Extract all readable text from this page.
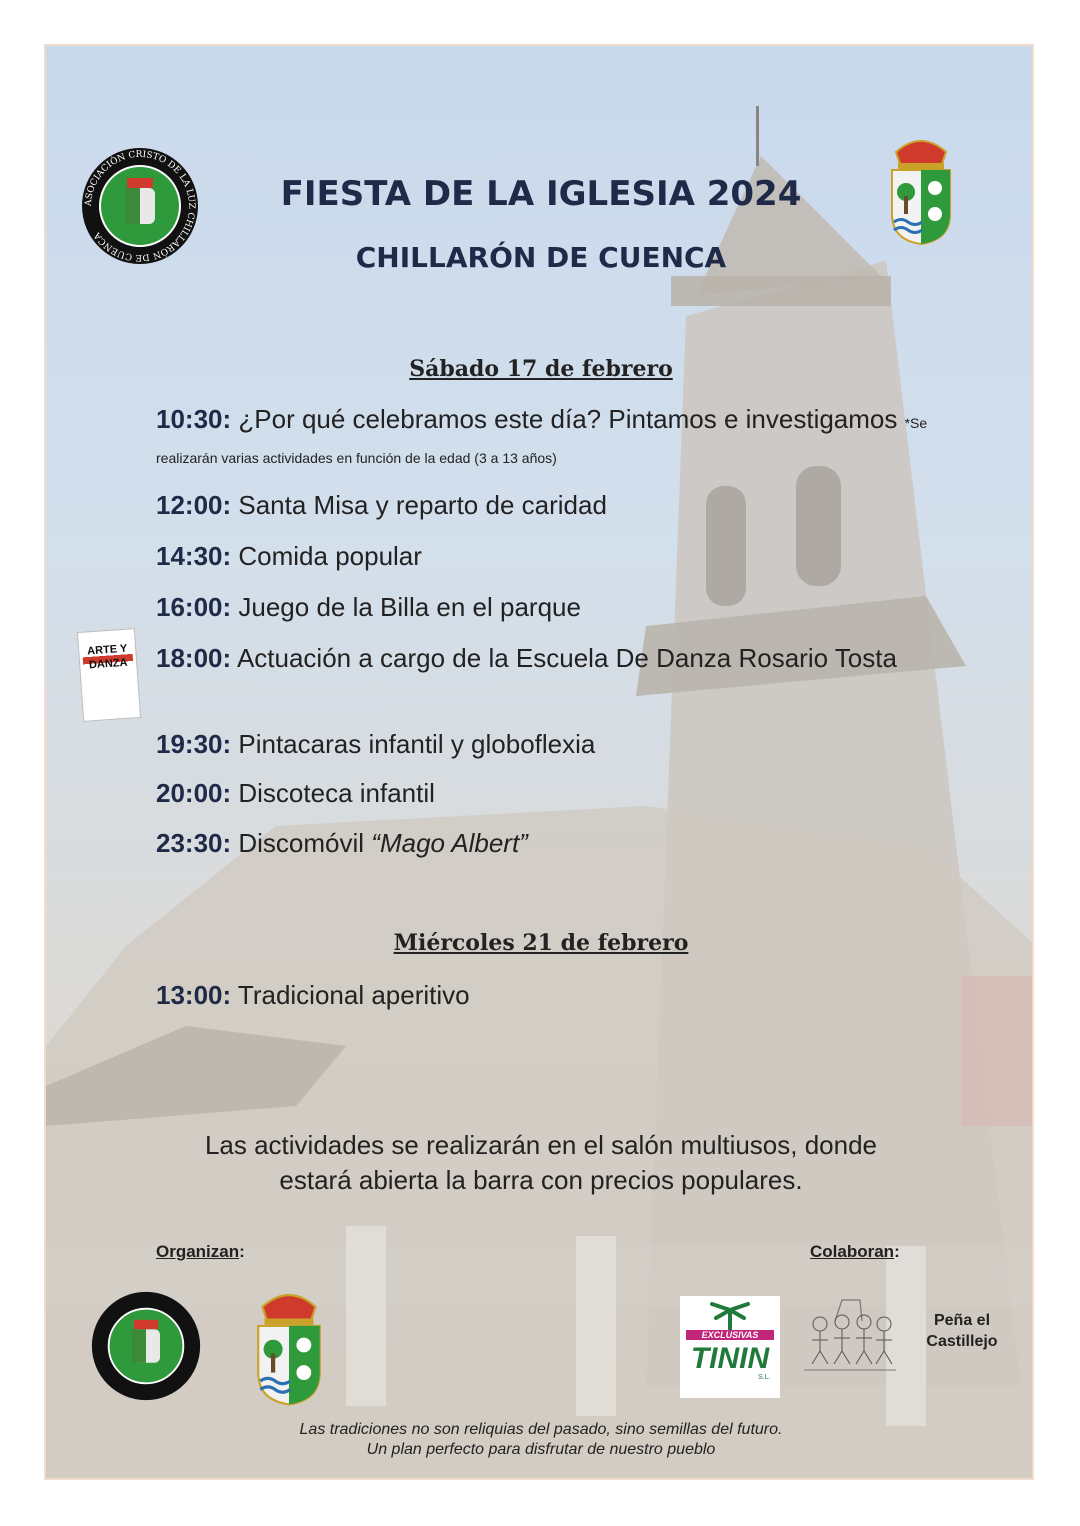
ASOCIACIÓN CRISTO DE LA LUZ CHILLARÓN DE CUENCA
FIESTA DE LA IGLESIA 2024
CHILLARÓN DE CUENCA
Sábado 17 de febrero
10:30: ¿Por qué celebramos este día? Pintamos e investigamos *Se realizarán varias actividades en función de la edad (3 a 13 años)
12:00: Santa Misa y reparto de caridad
14:30: Comida popular
16:00: Juego de la Billa en el parque
ARTE Y DANZA 18:00: Actuación a cargo de la Escuela De Danza Rosario Tosta
19:30: Pintacaras infantil y globoflexia
20:00: Discoteca infantil
23:30: Discomóvil “Mago Albert”
Miércoles 21 de febrero
13:00: Tradicional aperitivo
Las actividades se realizarán en el salón multiusos, donde
estará abierta la barra con precios populares.
Organizan:	Colaboran:
EXCLUSIVAS
TININ
S.L.
Peña el
Castillejo
Las tradiciones no son reliquias del pasado, sino semillas del futuro.
Un plan perfecto para disfrutar de nuestro pueblo
